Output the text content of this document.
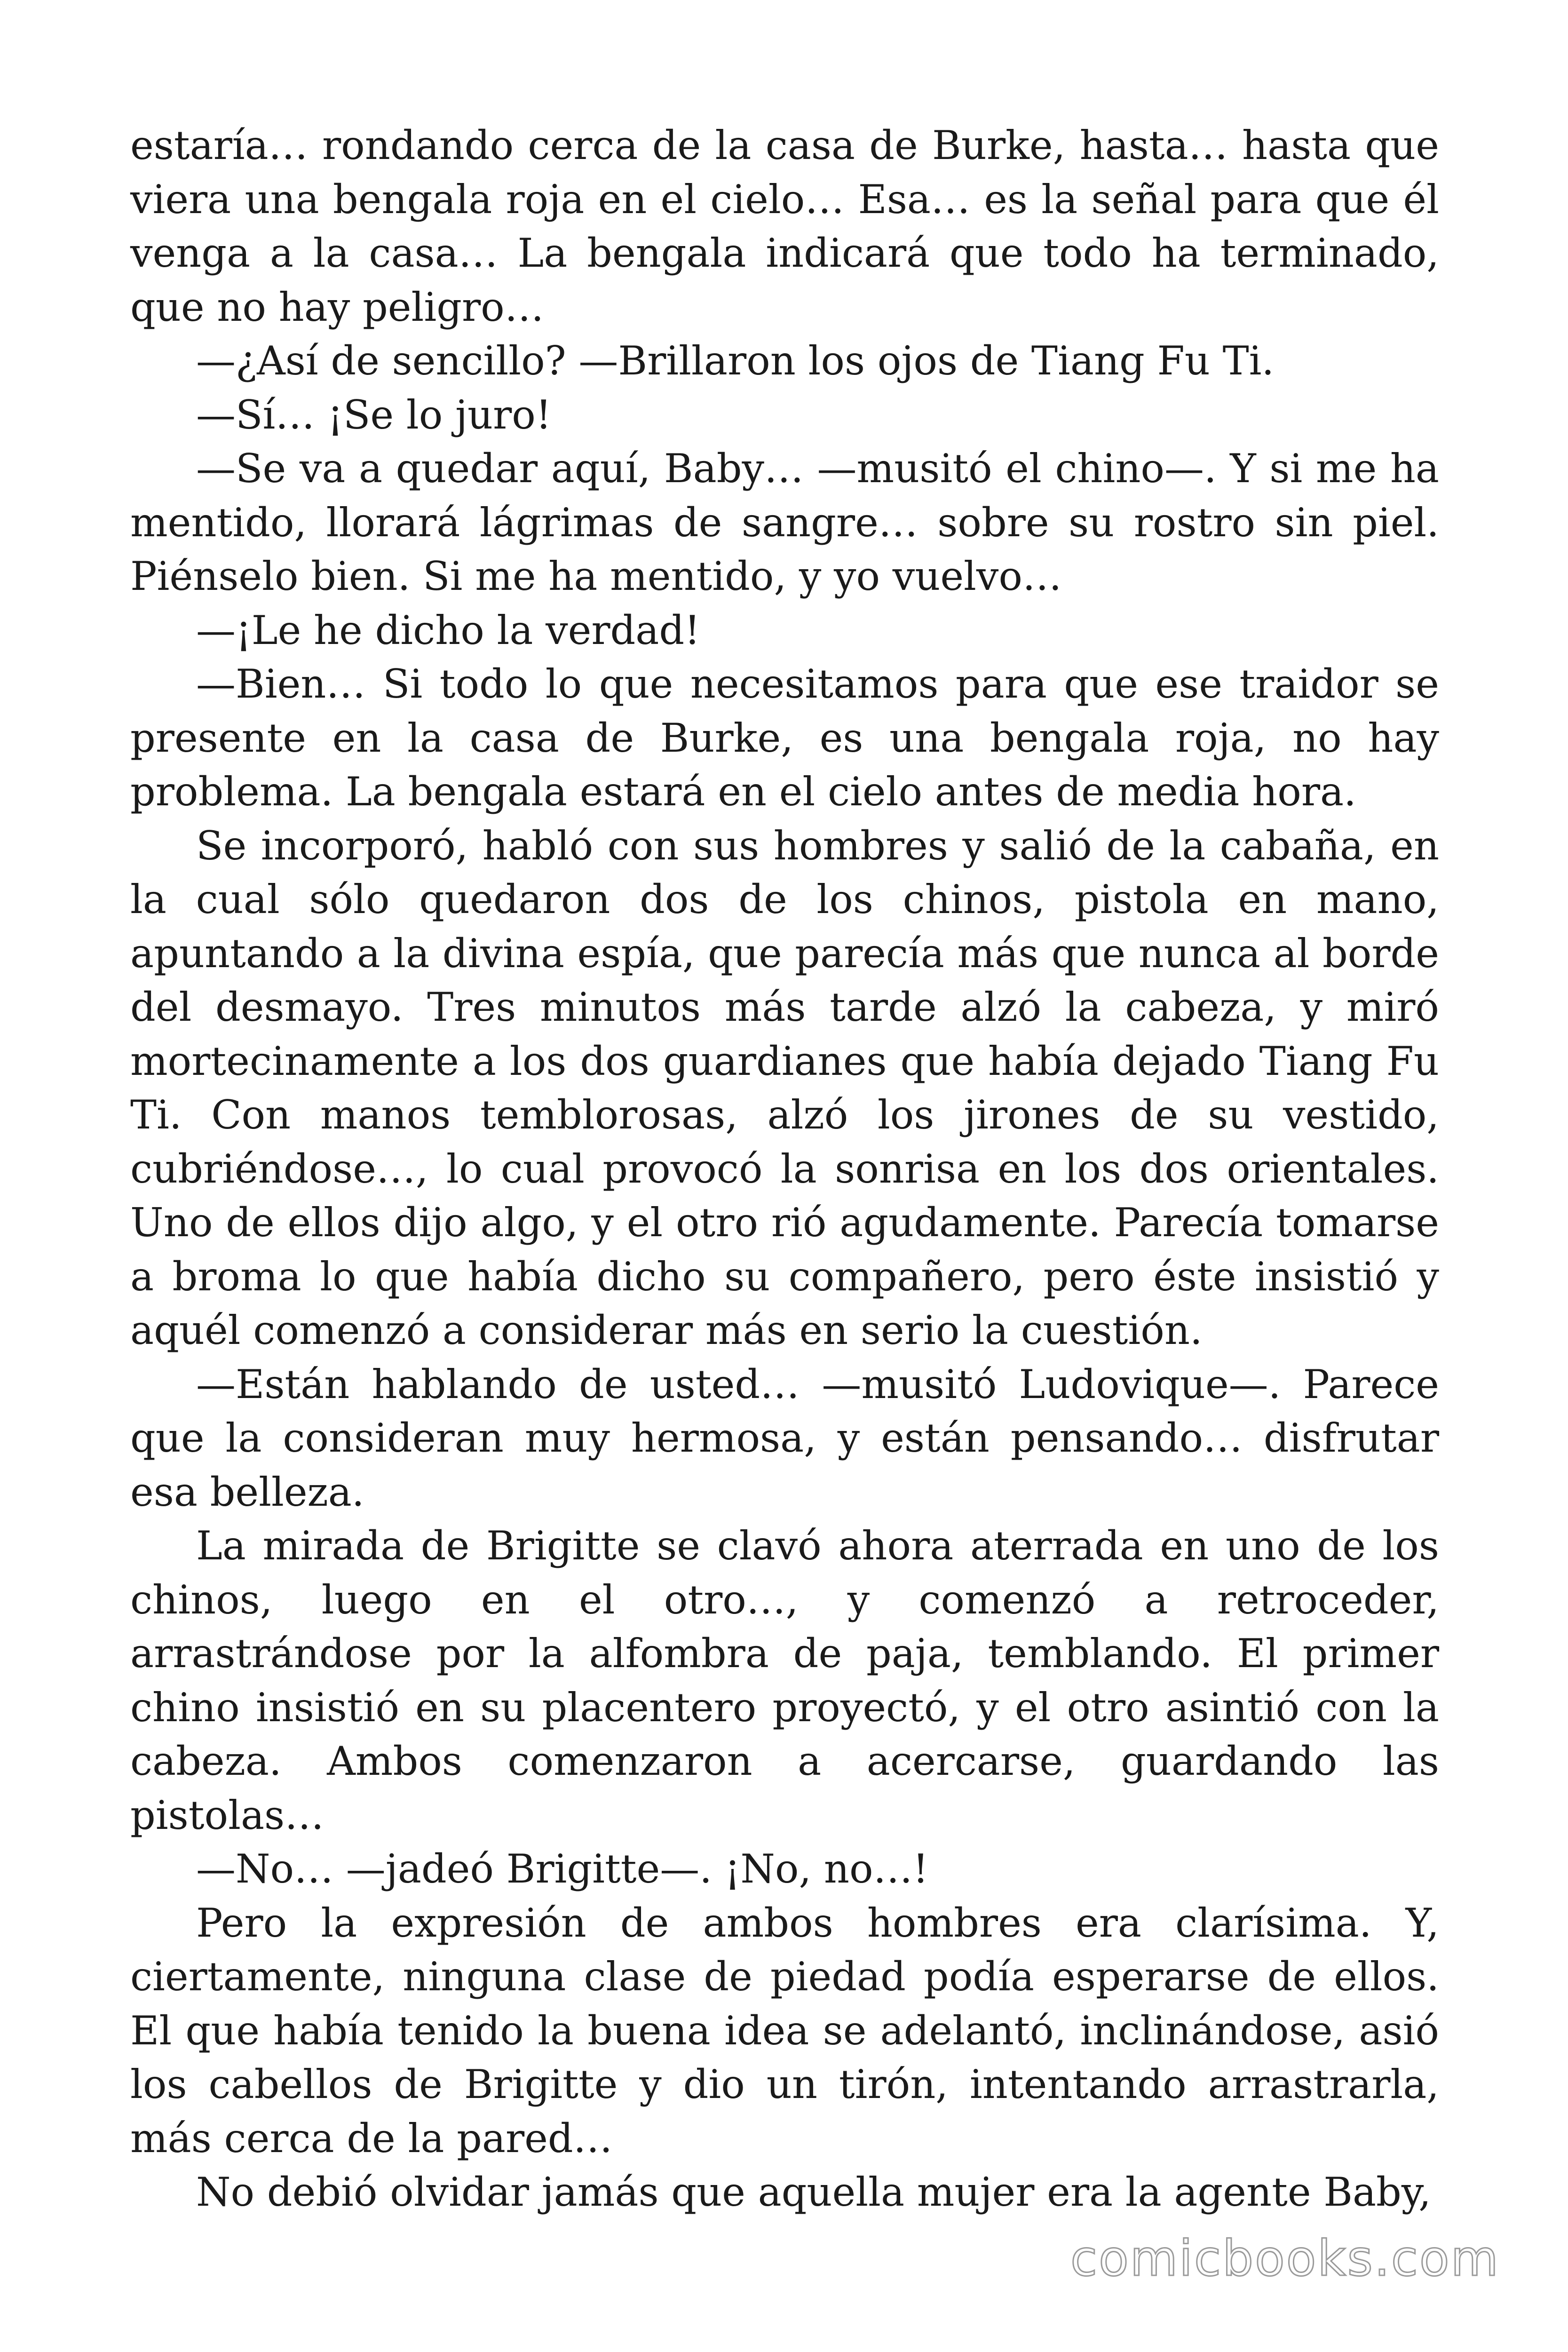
estaría… rondando cerca de la casa de Burke, hasta… hasta que viera una bengala roja en el cielo… Esa… es la señal para que él venga a la casa… La bengala indicará que todo ha terminado, que no hay peligro…

—¿Así de sencillo? —Brillaron los ojos de Tiang Fu Ti.

—Sí… ¡Se lo juro!

—Se va a quedar aquí, Baby… —musitó el chino—. Y si me ha mentido, llorará lágrimas de sangre… sobre su rostro sin piel. Piénselo bien. Si me ha mentido, y yo vuelvo…

—¡Le he dicho la verdad!

—Bien… Si todo lo que necesitamos para que ese traidor se presente en la casa de Burke, es una bengala roja, no hay problema. La bengala estará en el cielo antes de media hora.

Se incorporó, habló con sus hombres y salió de la cabaña, en la cual sólo quedaron dos de los chinos, pistola en mano, apuntando a la divina espía, que parecía más que nunca al borde del desmayo. Tres minutos más tarde alzó la cabeza, y miró mortecinamente a los dos guardianes que había dejado Tiang Fu Ti. Con manos temblorosas, alzó los jirones de su vestido, cubriéndose…, lo cual provocó la sonrisa en los dos orientales. Uno de ellos dijo algo, y el otro rió agudamente. Parecía tomarse a broma lo que había dicho su compañero, pero éste insistió y aquél comenzó a considerar más en serio la cuestión.

—Están hablando de usted… —musitó Ludovique—. Parece que la consideran muy hermosa, y están pensando… disfrutar esa belleza.

La mirada de Brigitte se clavó ahora aterrada en uno de los chinos, luego en el otro…, y comenzó a retroceder, arrastrándose por la alfombra de paja, temblando. El primer chino insistió en su placentero proyectó, y el otro asintió con la cabeza. Ambos comenzaron a acercarse, guardando las pistolas…

—No… —jadeó Brigitte—. ¡No, no…!

Pero la expresión de ambos hombres era clarísima. Y, ciertamente, ninguna clase de piedad podía esperarse de ellos. El que había tenido la buena idea se adelantó, inclinándose, asió los cabellos de Brigitte y dio un tirón, intentando arrastrarla, más cerca de la pared…

No debió olvidar jamás que aquella mujer era la agente Baby,

comicbooks.com
